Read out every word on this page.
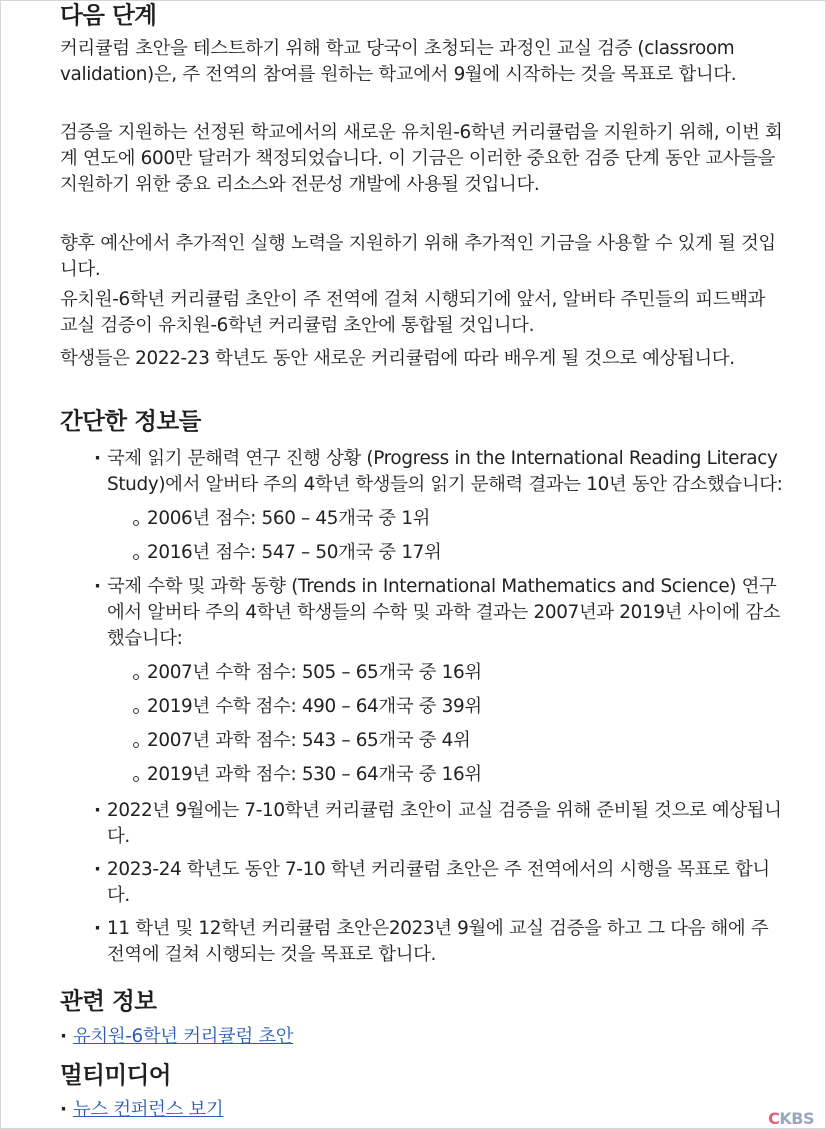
다음 단계

커리큘럼 초안을 테스트하기 위해 학교 당국이 초청되는 과정인 교실 검증 (classroom validation)은, 주 전역의 참여를 원하는 학교에서 9월에 시작하는 것을 목표로 합니다.

검증을 지원하는 선정된 학교에서의 새로운 유치원-6학년 커리큘럼을 지원하기 위해, 이번 회계 연도에 600만 달러가 책정되었습니다. 이 기금은 이러한 중요한 검증 단계 동안 교사들을 지원하기 위한 중요 리소스와 전문성 개발에 사용될 것입니다.

향후 예산에서 추가적인 실행 노력을 지원하기 위해 추가적인 기금을 사용할 수 있게 될 것입니다.

유치원-6학년 커리큘럼 초안이 주 전역에 걸쳐 시행되기에 앞서, 알버타 주민들의 피드백과 교실 검증이 유치원-6학년 커리큘럼 초안에 통합될 것입니다.

학생들은 2022-23 학년도 동안 새로운 커리큘럼에 따라 배우게 될 것으로 예상됩니다.

간단한 정보들
· 국제 읽기 문해력 연구 진행 상황 (Progress in the International Reading Literacy Study)에서 알버타 주의 4학년 학생들의 읽기 문해력 결과는 10년 동안 감소했습니다:
2006년 점수: 560 – 45개국 중 1위
2016년 점수: 547 – 50개국 중 17위
· 국제 수학 및 과학 동향 (Trends in International Mathematics and Science) 연구에서 알버타 주의 4학년 학생들의 수학 및 과학 결과는 2007년과 2019년 사이에 감소했습니다:
2007년 수학 점수: 505 – 65개국 중 16위
2019년 수학 점수: 490 – 64개국 중 39위
2007년 과학 점수: 543 – 65개국 중 4위
2019년 과학 점수: 530 – 64개국 중 16위
· 2022년 9월에는 7-10학년 커리큘럼 초안이 교실 검증을 위해 준비될 것으로 예상됩니다.
· 2023-24 학년도 동안 7-10 학년 커리큘럼 초안은 주 전역에서의 시행을 목표로 합니다.
· 11 학년 및 12학년 커리큘럼 초안은2023년 9월에 교실 검증을 하고 그 다음 해에 주 전역에 걸쳐 시행되는 것을 목표로 합니다.
관련 정보
· 유치원-6학년 커리큘럼 초안
멀티미디어
· 뉴스 컨퍼런스 보기	CKBS
